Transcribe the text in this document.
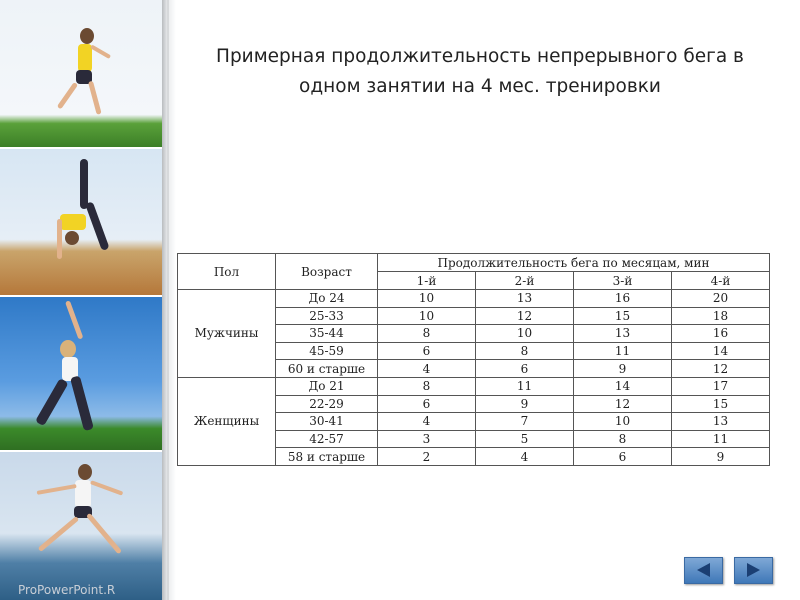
ProPowerPoint.R
Примерная продолжительность непрерывного бега в одном занятии на 4 мес. тренировки
Пол	Возраст	Продолжительность бега по месяцам, мин			
		1-й	2-й	3-й	4-й
Мужчины	До 24	10	13	16	20
	25-33	10	12	15	18
	35-44	8	10	13	16
	45-59	6	8	11	14
	60 и старше	4	6	9	12
Женщины	До 21	8	11	14	17
	22-29	6	9	12	15
	30-41	4	7	10	13
	42-57	3	5	8	11
	58 и старше	2	4	6	9
